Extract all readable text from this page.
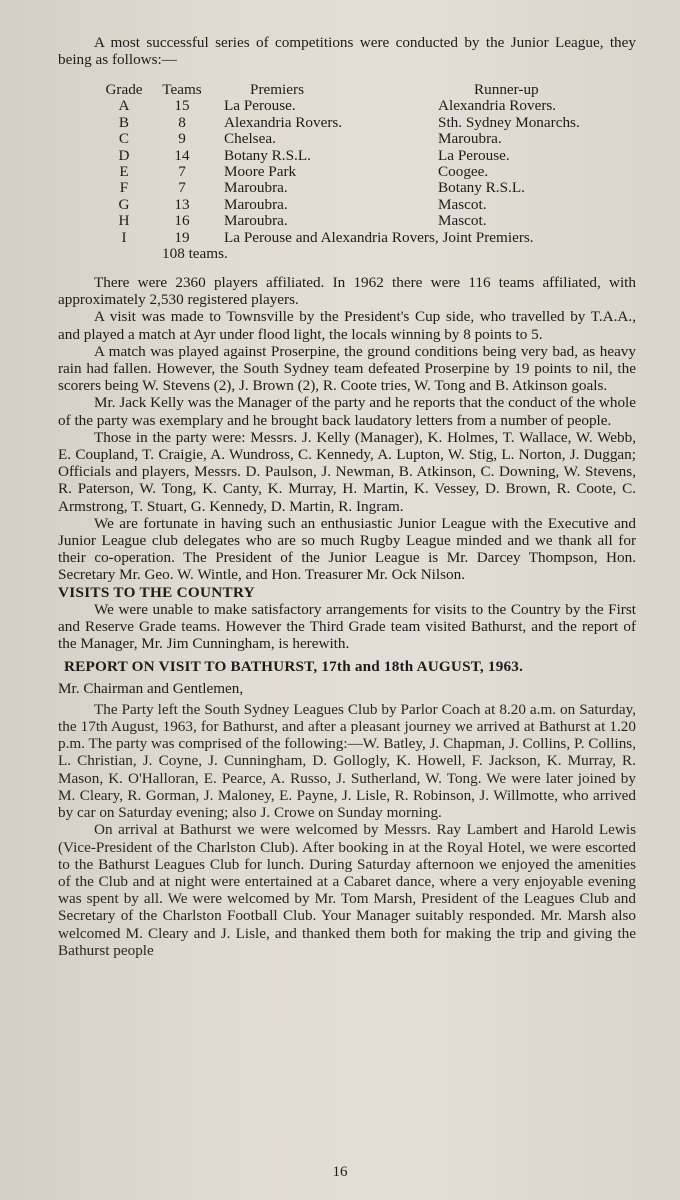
A most successful series of competitions were conducted by the Junior League, they being as follows:—

Grade	Teams	Premiers	Runner-up
A	15	La Perouse.	Alexandria Rovers.
B	8	Alexandria Rovers.	Sth. Sydney Monarchs.
C	9	Chelsea.	Maroubra.
D	14	Botany R.S.L.	La Perouse.
E	7	Moore Park	Coogee.
F	7	Maroubra.	Botany R.S.L.
G	13	Maroubra.	Mascot.
H	16	Maroubra.	Mascot.
I	19	La Perouse and Alexandria Rovers, Joint Premiers.	
	108 teams.		

There were 2360 players affiliated. In 1962 there were 116 teams affiliated, with approximately 2,530 registered players.

A visit was made to Townsville by the President's Cup side, who travelled by T.A.A., and played a match at Ayr under flood light, the locals winning by 8 points to 5.

A match was played against Proserpine, the ground conditions being very bad, as heavy rain had fallen. However, the South Sydney team defeated Proserpine by 19 points to nil, the scorers being W. Stevens (2), J. Brown (2), R. Coote tries, W. Tong and B. Atkinson goals.

Mr. Jack Kelly was the Manager of the party and he reports that the conduct of the whole of the party was exemplary and he brought back laudatory letters from a number of people.

Those in the party were: Messrs. J. Kelly (Manager), K. Holmes, T. Wallace, W. Webb, E. Coupland, T. Craigie, A. Wundross, C. Kennedy, A. Lupton, W. Stig, L. Norton, J. Duggan; Officials and players, Messrs. D. Paulson, J. Newman, B. Atkinson, C. Downing, W. Stevens, R. Paterson, W. Tong, K. Canty, K. Murray, H. Martin, K. Vessey, D. Brown, R. Coote, C. Armstrong, T. Stuart, G. Kennedy, D. Martin, R. Ingram.

We are fortunate in having such an enthusiastic Junior League with the Executive and Junior League club delegates who are so much Rugby League minded and we thank all for their co-operation. The President of the Junior League is Mr. Darcey Thompson, Hon. Secretary Mr. Geo. W. Wintle, and Hon. Treasurer Mr. Ock Nilson.

VISITS TO THE COUNTRY

We were unable to make satisfactory arrangements for visits to the Country by the First and Reserve Grade teams. However the Third Grade team visited Bathurst, and the report of the Manager, Mr. Jim Cunningham, is herewith.

REPORT ON VISIT TO BATHURST, 17th and 18th AUGUST, 1963.

Mr. Chairman and Gentlemen,

The Party left the South Sydney Leagues Club by Parlor Coach at 8.20 a.m. on Saturday, the 17th August, 1963, for Bathurst, and after a pleasant journey we arrived at Bathurst at 1.20 p.m. The party was comprised of the following:—W. Batley, J. Chapman, J. Collins, P. Collins, L. Christian, J. Coyne, J. Cunningham, D. Gollogly, K. Howell, F. Jackson, K. Murray, R. Mason, K. O'Halloran, E. Pearce, A. Russo, J. Sutherland, W. Tong. We were later joined by M. Cleary, R. Gorman, J. Maloney, E. Payne, J. Lisle, R. Robinson, J. Willmotte, who arrived by car on Saturday evening; also J. Crowe on Sunday morning.

On arrival at Bathurst we were welcomed by Messrs. Ray Lambert and Harold Lewis (Vice-President of the Charlston Club). After booking in at the Royal Hotel, we were escorted to the Bathurst Leagues Club for lunch. During Saturday afternoon we enjoyed the amenities of the Club and at night were entertained at a Cabaret dance, where a very enjoyable evening was spent by all. We were welcomed by Mr. Tom Marsh, President of the Leagues Club and Secretary of the Charlston Football Club. Your Manager suitably responded. Mr. Marsh also welcomed M. Cleary and J. Lisle, and thanked them both for making the trip and giving the Bathurst people

16
